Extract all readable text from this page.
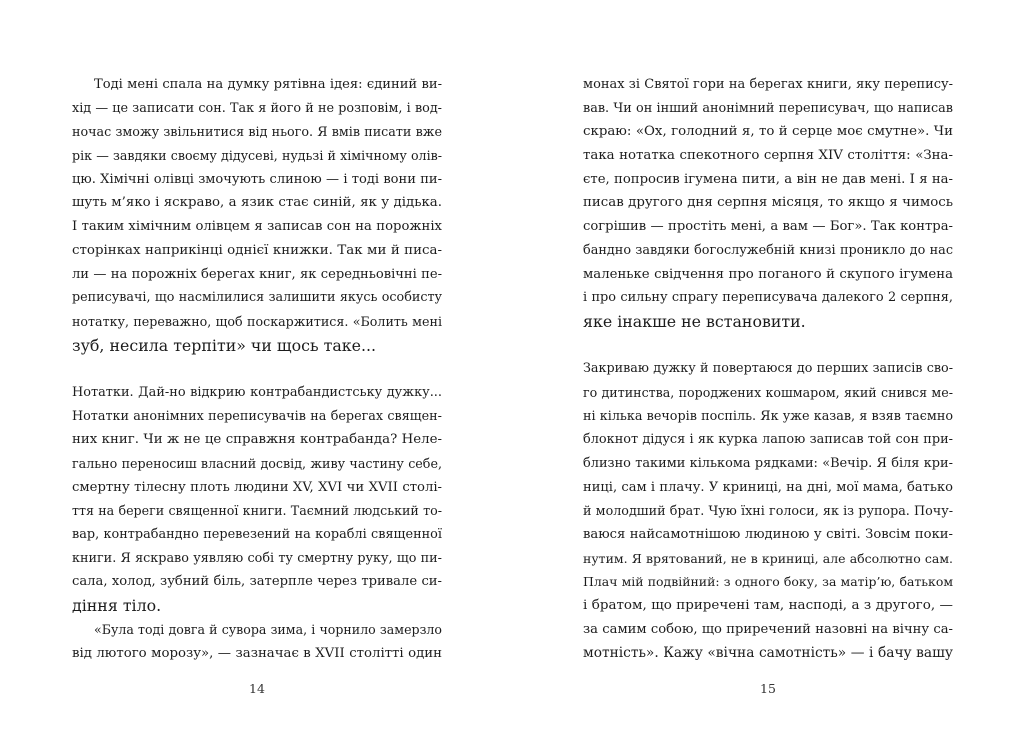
Тоді мені спала на думку рятівна ідея: єдиний ви-
хід — це записати сон. Так я його й не розповім, і вод-
ночас зможу звільнитися від нього. Я вмів писати вже
рік — завдяки своєму дідусеві, нудьзі й хімічному олів-
цю. Хімічні олівці змочують слиною — і тоді вони пи-
шуть м’яко і яскраво, а язик стає синій, як у дідька.
І таким хімічним олівцем я записав сон на порожніх
сторінках наприкінці однієї книжки. Так ми й писа-
ли — на порожніх берегах книг, як середньовічні пе-
реписувачі, що насмілилися залишити якусь особисту
нотатку, переважно, щоб поскаржитися. «Болить мені
зуб, несила терпіти» чи щось таке...
Нотатки. Дай-но відкрию контрабандистську дужку...
Нотатки анонімних переписувачів на берегах священ-
них книг. Чи ж не це справжня контрабанда? Неле-
гально переносиш власний досвід, живу частину себе,
смертну тілесну плоть людини XV, XVI чи XVII столі-
ття на береги священної книги. Таємний людський то-
вар, контрабандно перевезений на кораблі священної
книги. Я яскраво уявляю собі ту смертну руку, що пи-
сала, холод, зубний біль, затерпле через тривале си-
діння тіло.
«Була тоді довга й сувора зима, і чорнило замерзло
від лютого морозу», — зазначає в XVII столітті один
14
монах зі Святої гори на берегах книги, яку перепису-
вав. Чи он інший анонімний переписувач, що написав
скраю: «Ох, голодний я, то й серце моє смутне». Чи
така нотатка спекотного серпня XIV століття: «Зна-
єте, попросив ігумена пити, а він не дав мені. І я на-
писав другого дня серпня місяця, то якщо я чимось
согрішив — простіть мені, а вам — Бог». Так контра-
бандно завдяки богослужебній книзі проникло до нас
маленьке свідчення про поганого й скупого ігумена
і про сильну спрагу переписувача далекого 2 серпня,
яке інакше не встановити.
Закриваю дужку й повертаюся до перших записів сво-
го дитинства, породжених кошмаром, який снився ме-
ні кілька вечорів поспіль. Як уже казав, я взяв таємно
блокнот дідуся і як курка лапою записав той сон при-
близно такими кількома рядками: «Вечір. Я біля кри-
ниці, сам і плачу. У криниці, на дні, мої мама, батько
й молодший брат. Чую їхні голоси, як із рупора. Почу-
ваюся найсамотнішою людиною у світі. Зовсім поки-
нутим. Я врятований, не в криниці, але абсолютно сам.
Плач мій подвійний: з одного боку, за матір’ю, батьком
і братом, що приречені там, насподі, а з другого, —
за самим собою, що приречений назовні на вічну са-
мотність». Кажу «вічна самотність» — і бачу вашу
15
